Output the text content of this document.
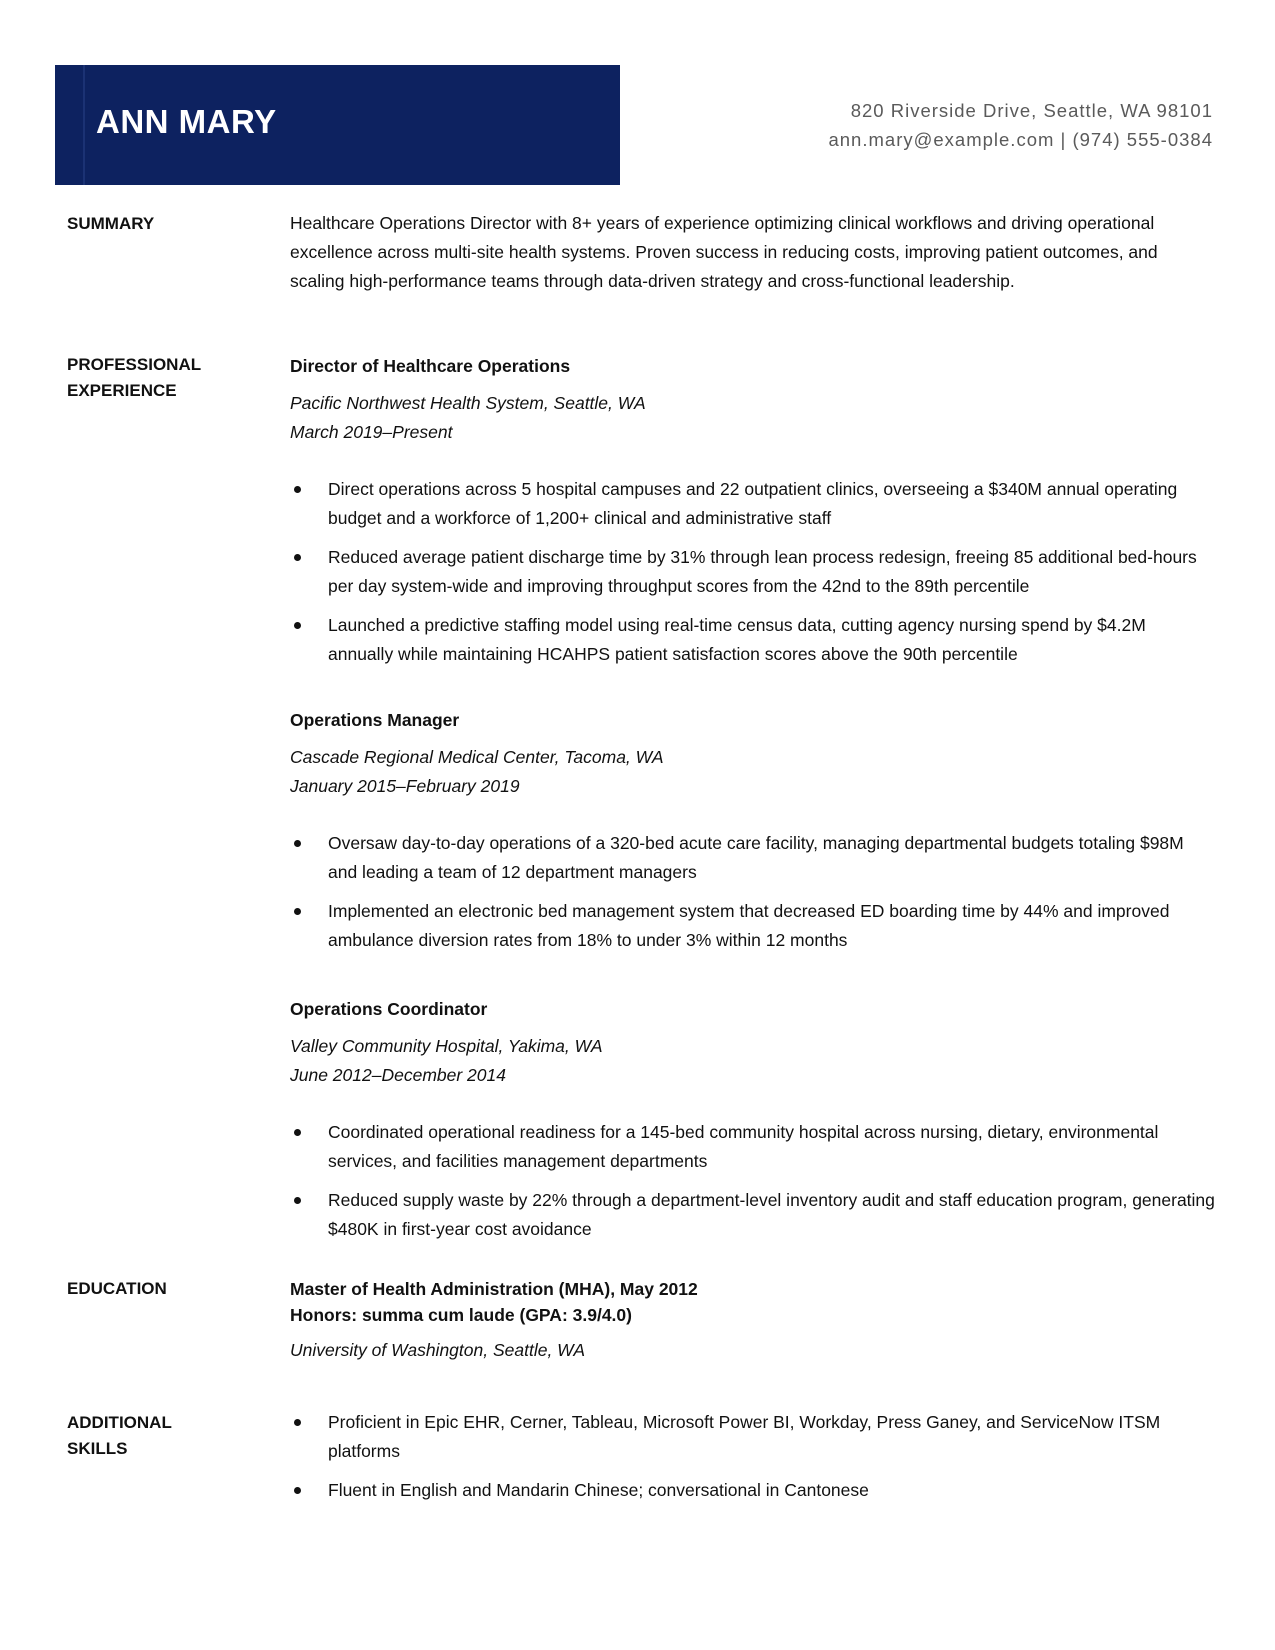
ANN MARY	820 Riverside Drive, Seattle, WA 98101
ann.mary@example.com | (974) 555-0384
SUMMARY	Healthcare Operations Director with 8+ years of experience optimizing clinical workflows and driving operational excellence across multi-site health systems. Proven success in reducing costs, improving patient outcomes, and scaling high-performance teams through data-driven strategy and cross-functional leadership.

PROFESSIONAL
EXPERIENCE
Director of Healthcare Operations
Pacific Northwest Health System, Seattle, WA
March 2019–Present
Direct operations across 5 hospital campuses and 22 outpatient clinics, overseeing a $340M annual operating budget and a workforce of 1,200+ clinical and administrative staff
Reduced average patient discharge time by 31% through lean process redesign, freeing 85 additional bed-hours per day system-wide and improving throughput scores from the 42nd to the 89th percentile
Launched a predictive staffing model using real-time census data, cutting agency nursing spend by $4.2M annually while maintaining HCAHPS patient satisfaction scores above the 90th percentile
Operations Manager
Cascade Regional Medical Center, Tacoma, WA
January 2015–February 2019
Oversaw day-to-day operations of a 320-bed acute care facility, managing departmental budgets totaling $98M and leading a team of 12 department managers
Implemented an electronic bed management system that decreased ED boarding time by 44% and improved ambulance diversion rates from 18% to under 3% within 12 months
Operations Coordinator
Valley Community Hospital, Yakima, WA
June 2012–December 2014
Coordinated operational readiness for a 145-bed community hospital across nursing, dietary, environmental services, and facilities management departments
Reduced supply waste by 22% through a department-level inventory audit and staff education program, generating $480K in first-year cost avoidance
EDUCATION	Master of Health Administration (MHA), May 2012
Honors: summa cum laude (GPA: 3.9/4.0)
University of Washington, Seattle, WA
ADDITIONAL
SKILLS
Proficient in Epic EHR, Cerner, Tableau, Microsoft Power BI, Workday, Press Ganey, and ServiceNow ITSM platforms
Fluent in English and Mandarin Chinese; conversational in Cantonese
